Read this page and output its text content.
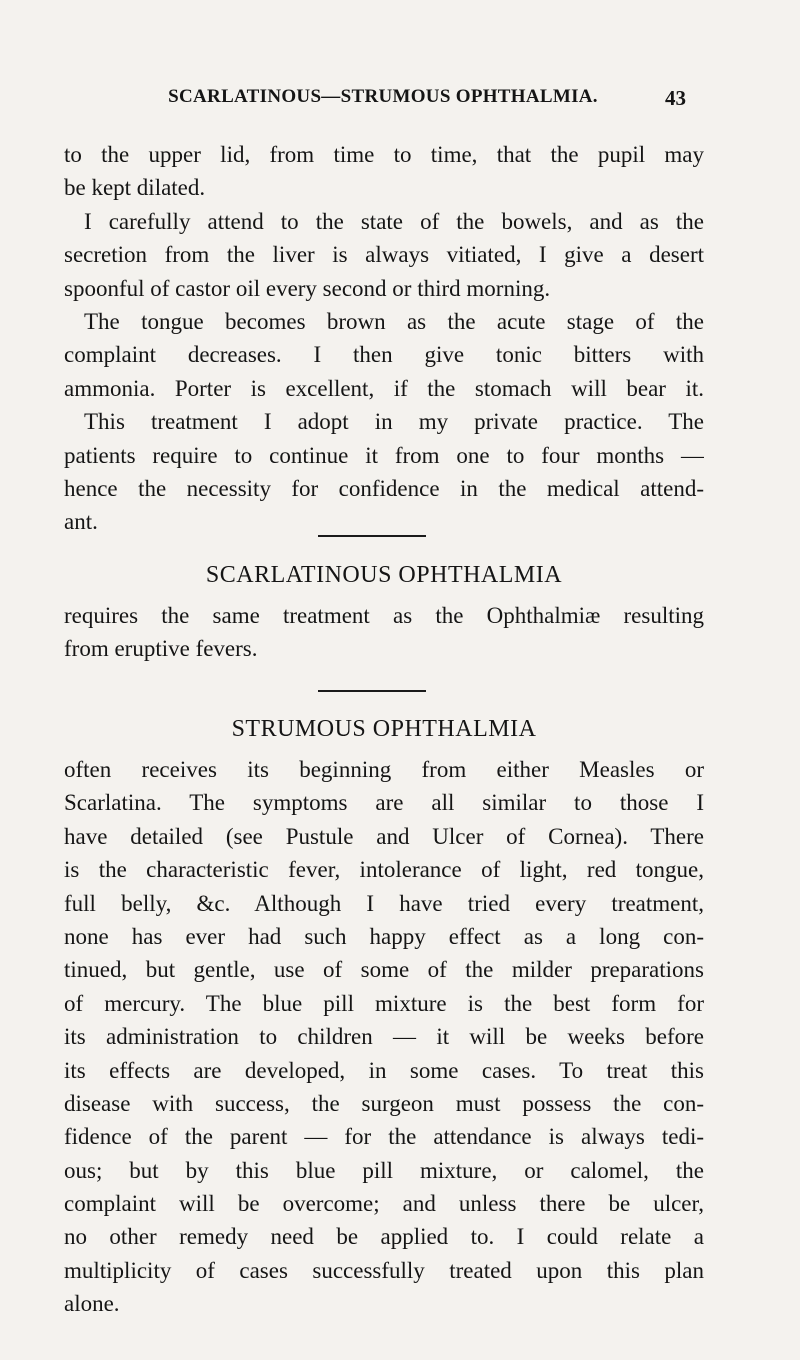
SCARLATINOUS—STRUMOUS OPHTHALMIA.	43
to the upper lid, from time to time, that the pupil may
be kept dilated.
I carefully attend to the state of the bowels, and as the
secretion from the liver is always vitiated, I give a desert
spoonful of castor oil every second or third morning.
The tongue becomes brown as the acute stage of the
complaint decreases. I then give tonic bitters with
ammonia. Porter is excellent, if the stomach will bear it.
This treatment I adopt in my private practice. The
patients require to continue it from one to four months —
hence the necessity for confidence in the medical attend-
ant.
SCARLATINOUS OPHTHALMIA
requires the same treatment as the Ophthalmiæ resulting
from eruptive fevers.
STRUMOUS OPHTHALMIA
often receives its beginning from either Measles or
Scarlatina. The symptoms are all similar to those I
have detailed (see Pustule and Ulcer of Cornea). There
is the characteristic fever, intolerance of light, red tongue,
full belly, &c. Although I have tried every treatment,
none has ever had such happy effect as a long con-
tinued, but gentle, use of some of the milder preparations
of mercury. The blue pill mixture is the best form for
its administration to children — it will be weeks before
its effects are developed, in some cases. To treat this
disease with success, the surgeon must possess the con-
fidence of the parent — for the attendance is always tedi-
ous; but by this blue pill mixture, or calomel, the
complaint will be overcome; and unless there be ulcer,
no other remedy need be applied to. I could relate a
multiplicity of cases successfully treated upon this plan
alone.
